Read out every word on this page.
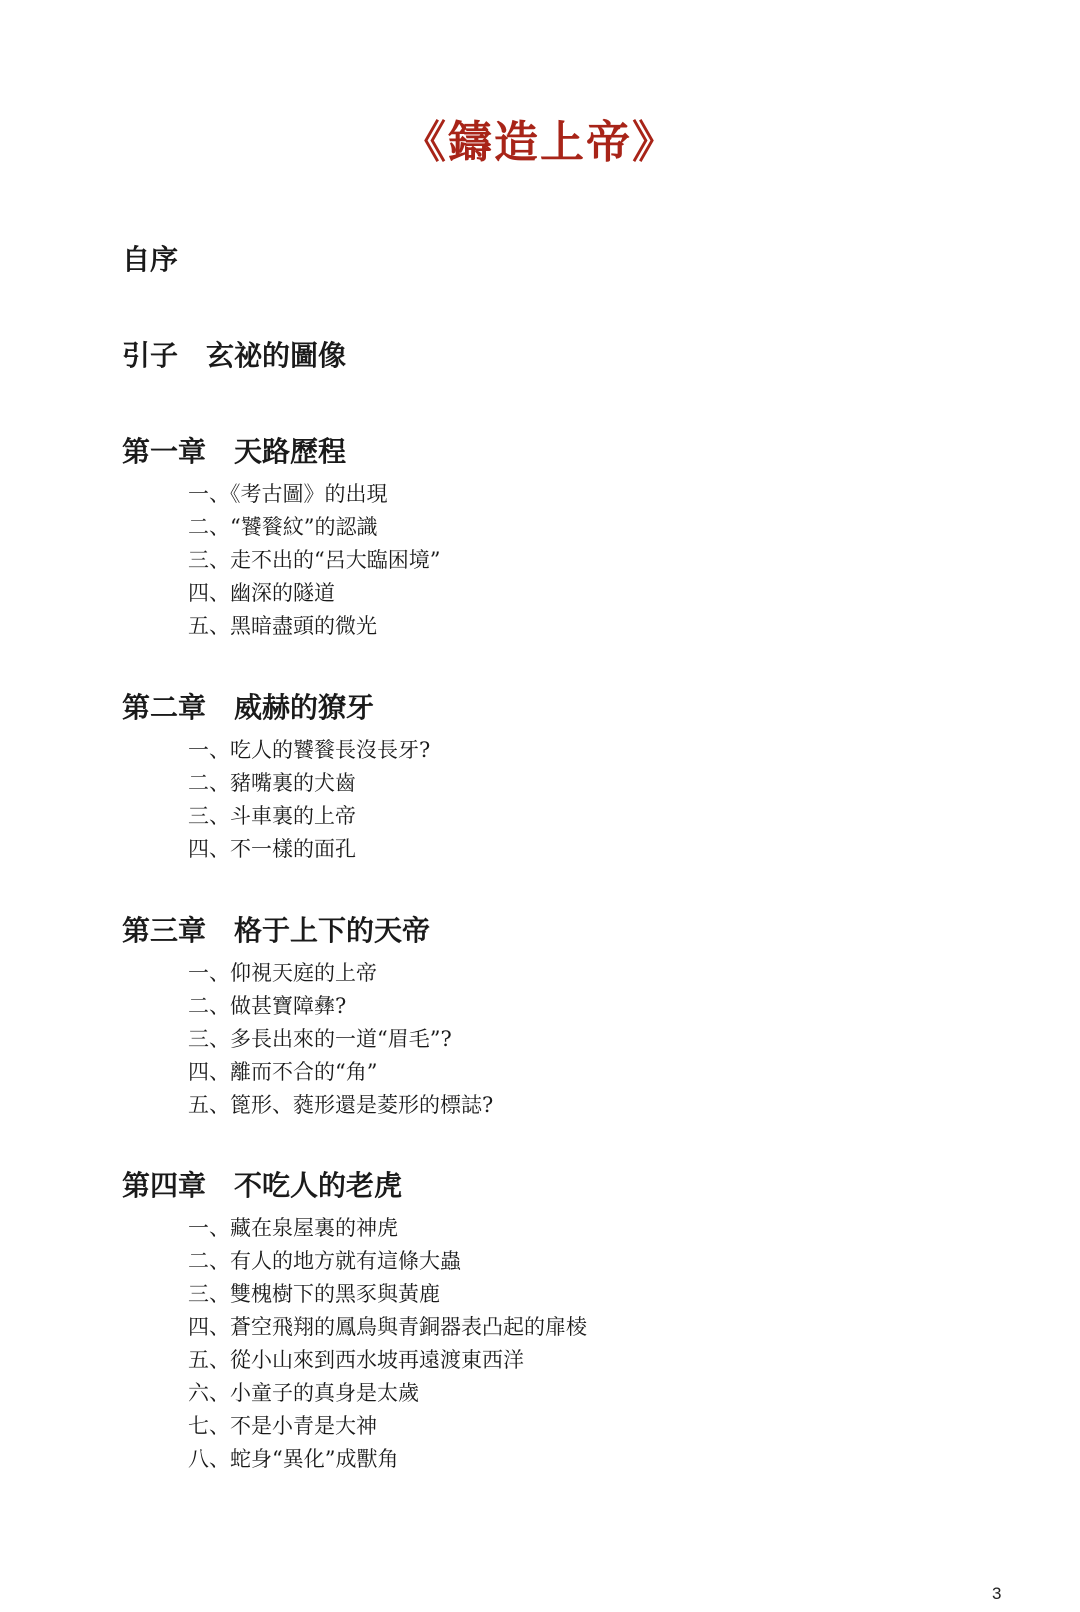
《鑄造上帝》
自序
引子　玄祕的圖像
第一章　天路歷程
一、《考古圖》的出現
二、“饕餮紋”的認識
三、走不出的“呂大臨困境”
四、幽深的隧道
五、黑暗盡頭的微光
第二章　威赫的獠牙
一、吃人的饕餮長沒長牙?
二、豬嘴裏的犬齒
三、斗車裏的上帝
四、不一樣的面孔
第三章　格于上下的天帝
一、仰視天庭的上帝
二、做甚寶障彝?
三、多長出來的一道“眉毛”?
四、離而不合的“角”
五、篦形、蕤形還是菱形的標誌?
第四章　不吃人的老虎
一、藏在泉屋裏的神虎
二、有人的地方就有這條大蟲
三、雙槐樹下的黑豕與黃鹿
四、蒼空飛翔的鳳鳥與青銅器表凸起的扉棱
五、從小山來到西水坡再遠渡東西洋
六、小童子的真身是太歲
七、不是小青是大神
八、蛇身“異化”成獸角
3
